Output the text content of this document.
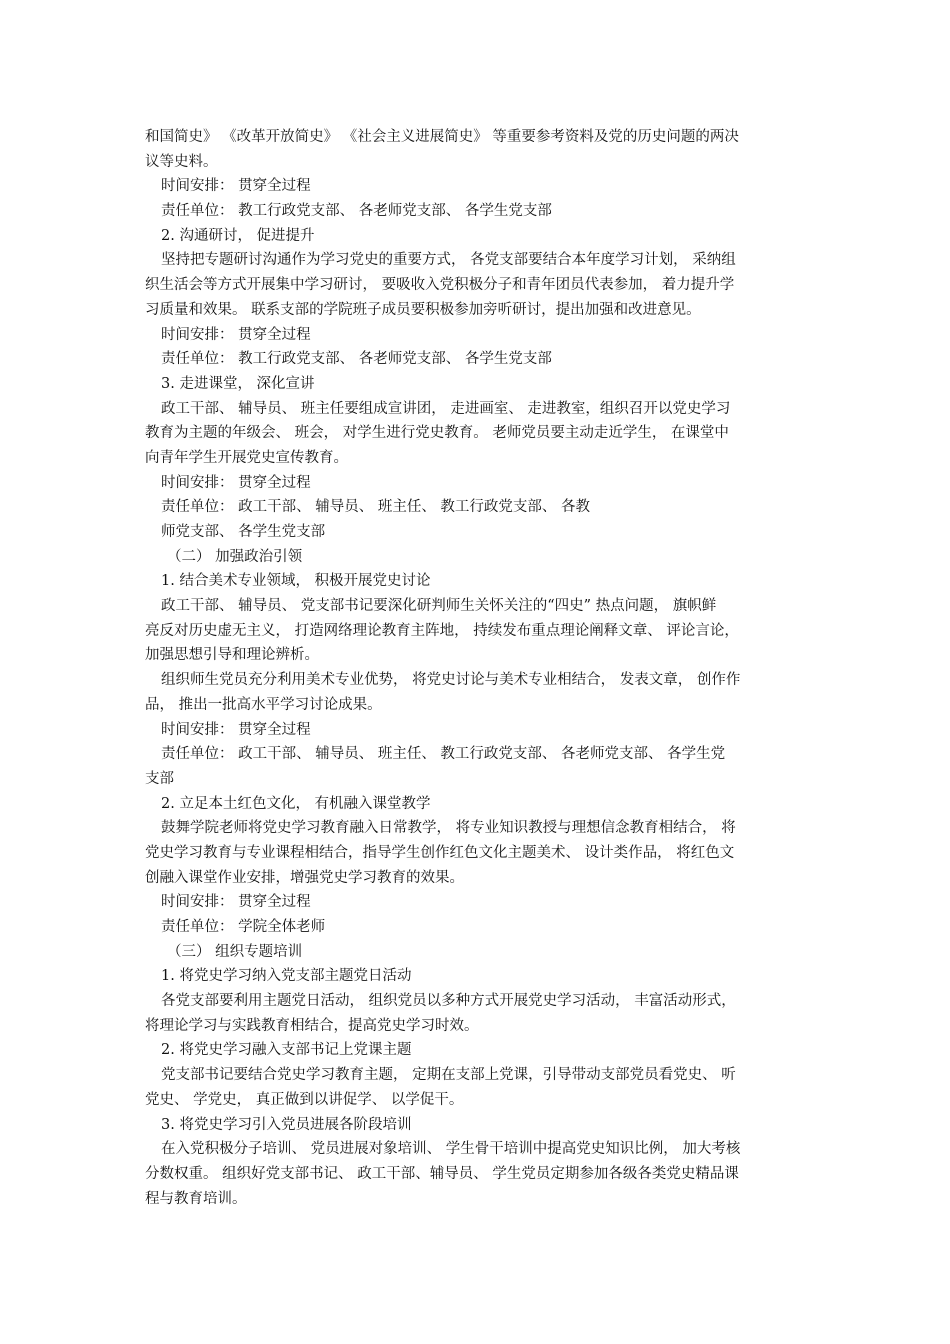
和国简史》 《改革开放简史》 《社会主义进展简史》 等重要参考资料及党的历史问题的两决
议等史料。
时间安排： 贯穿全过程
责任单位： 教工行政党支部、 各老师党支部、 各学生党支部
2. 沟通研讨， 促进提升
坚持把专题研讨沟通作为学习党史的重要方式， 各党支部要结合本年度学习计划， 采纳组
织生活会等方式开展集中学习研讨， 要吸收入党积极分子和青年团员代表参加， 着力提升学
习质量和效果。 联系支部的学院班子成员要积极参加旁听研讨，提出加强和改进意见。
时间安排： 贯穿全过程
责任单位： 教工行政党支部、 各老师党支部、 各学生党支部
3. 走进课堂， 深化宣讲
政工干部、 辅导员、 班主任要组成宣讲团， 走进画室、 走进教室，组织召开以党史学习
教育为主题的年级会、 班会， 对学生进行党史教育。 老师党员要主动走近学生， 在课堂中
向青年学生开展党史宣传教育。
时间安排： 贯穿全过程
责任单位： 政工干部、 辅导员、 班主任、 教工行政党支部、 各教
师党支部、 各学生党支部
（二） 加强政治引领
1. 结合美术专业领域， 积极开展党史讨论
政工干部、 辅导员、 党支部书记要深化研判师生关怀关注的“四史” 热点问题， 旗帜鲜
亮反对历史虚无主义， 打造网络理论教育主阵地， 持续发布重点理论阐释文章、 评论言论，
加强思想引导和理论辨析。
组织师生党员充分利用美术专业优势， 将党史讨论与美术专业相结合， 发表文章， 创作作
品， 推出一批高水平学习讨论成果。
时间安排： 贯穿全过程
责任单位： 政工干部、 辅导员、 班主任、 教工行政党支部、 各老师党支部、 各学生党
支部
2. 立足本土红色文化， 有机融入课堂教学
鼓舞学院老师将党史学习教育融入日常教学， 将专业知识教授与理想信念教育相结合， 将
党史学习教育与专业课程相结合，指导学生创作红色文化主题美术、 设计类作品， 将红色文
创融入课堂作业安排，增强党史学习教育的效果。
时间安排： 贯穿全过程
责任单位： 学院全体老师
（三） 组织专题培训
1. 将党史学习纳入党支部主题党日活动
各党支部要利用主题党日活动， 组织党员以多种方式开展党史学习活动， 丰富活动形式，
将理论学习与实践教育相结合，提高党史学习时效。
2. 将党史学习融入支部书记上党课主题
党支部书记要结合党史学习教育主题， 定期在支部上党课，引导带动支部党员看党史、 听
党史、 学党史， 真正做到以讲促学、 以学促干。
3. 将党史学习引入党员进展各阶段培训
在入党积极分子培训、 党员进展对象培训、 学生骨干培训中提高党史知识比例， 加大考核
分数权重。 组织好党支部书记、 政工干部、辅导员、 学生党员定期参加各级各类党史精品课
程与教育培训。
